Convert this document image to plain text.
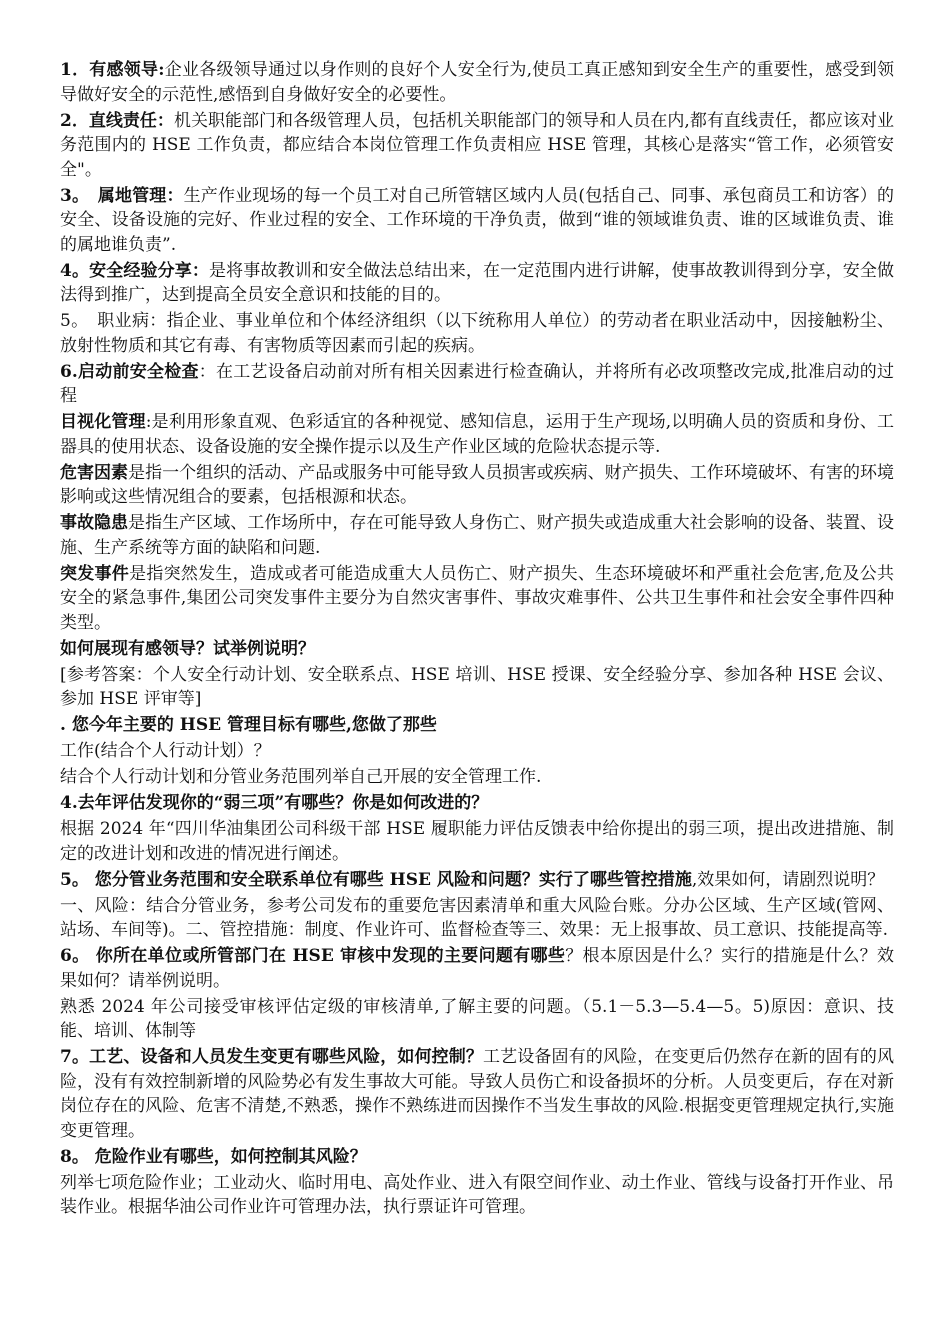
1．有感领导:企业各级领导通过以身作则的良好个人安全行为,使员工真正感知到安全生产的重要性，感受到领导做好安全的示范性,感悟到自身做好安全的必要性。
2．直线责任：机关职能部门和各级管理人员，包括机关职能部门的领导和人员在内,都有直线责任，都应该对业务范围内的 HSE 工作负责，都应结合本岗位管理工作负责相应 HSE 管理，其核心是落实“管工作，必须管安全"。
3。　属地管理：生产作业现场的每一个员工对自己所管辖区域内人员(包括自己、同事、承包商员工和访客）的安全、设备设施的完好、作业过程的安全、工作环境的干净负责，做到“谁的领域谁负责、谁的区域谁负责、谁的属地谁负责”.
4。安全经验分享：是将事故教训和安全做法总结出来，在一定范围内进行讲解，使事故教训得到分享，安全做法得到推广，达到提高全员安全意识和技能的目的。
5。　职业病：指企业、事业单位和个体经济组织（以下统称用人单位）的劳动者在职业活动中，因接触粉尘、放射性物质和其它有毒、有害物质等因素而引起的疾病。
6.启动前安全检查：在工艺设备启动前对所有相关因素进行检查确认，并将所有必改项整改完成,批准启动的过程
目视化管理:是利用形象直观、色彩适宜的各种视觉、感知信息，运用于生产现场,以明确人员的资质和身份、工器具的使用状态、设备设施的安全操作提示以及生产作业区域的危险状态提示等.
危害因素是指一个组织的活动、产品或服务中可能导致人员损害或疾病、财产损失、工作环境破坏、有害的环境影响或这些情况组合的要素，包括根源和状态。
事故隐患是指生产区域、工作场所中，存在可能导致人身伤亡、财产损失或造成重大社会影响的设备、装置、设施、生产系统等方面的缺陷和问题.
突发事件是指突然发生，造成或者可能造成重大人员伤亡、财产损失、生态环境破坏和严重社会危害,危及公共安全的紧急事件,集团公司突发事件主要分为自然灾害事件、事故灾难事件、公共卫生事件和社会安全事件四种类型。
如何展现有感领导？试举例说明？
[参考答案：个人安全行动计划、安全联系点、HSE 培训、HSE 授课、安全经验分享、参加各种 HSE 会议、参加 HSE 评审等]
. 您今年主要的 HSE 管理目标有哪些,您做了那些
工作(结合个人行动计划）？
结合个人行动计划和分管业务范围列举自己开展的安全管理工作.
4.去年评估发现你的“弱三项”有哪些？你是如何改进的？
根据 2024 年“四川华油集团公司科级干部 HSE 履职能力评估反馈表中给你提出的弱三项，提出改进措施、制定的改进计划和改进的情况进行阐述。
5。 您分管业务范围和安全联系单位有哪些 HSE 风险和问题？实行了哪些管控措施,效果如何，请剧烈说明？
一、风险：结合分管业务，参考公司发布的重要危害因素清单和重大风险台账。分办公区域、生产区域(管网、站场、车间等)。二、管控措施：制度、作业许可、监督检查等三、效果：无上报事故、员工意识、技能提高等.
6。 你所在单位或所管部门在 HSE 审核中发现的主要问题有哪些？根本原因是什么？实行的措施是什么？效果如何？请举例说明。
熟悉 2024 年公司接受审核评估定级的审核清单,了解主要的问题。（5.1－5.3—5.4—5。5)原因：意识、技能、培训、体制等
7。工艺、设备和人员发生变更有哪些风险，如何控制？工艺设备固有的风险，在变更后仍然存在新的固有的风险，没有有效控制新增的风险势必有发生事故大可能。导致人员伤亡和设备损坏的分析。人员变更后，存在对新岗位存在的风险、危害不清楚,不熟悉，操作不熟练进而因操作不当发生事故的风险.根据变更管理规定执行,实施变更管理。
8。 危险作业有哪些，如何控制其风险？
列举七项危险作业；工业动火、临时用电、高处作业、进入有限空间作业、动土作业、管线与设备打开作业、吊装作业。根据华油公司作业许可管理办法，执行票证许可管理。
